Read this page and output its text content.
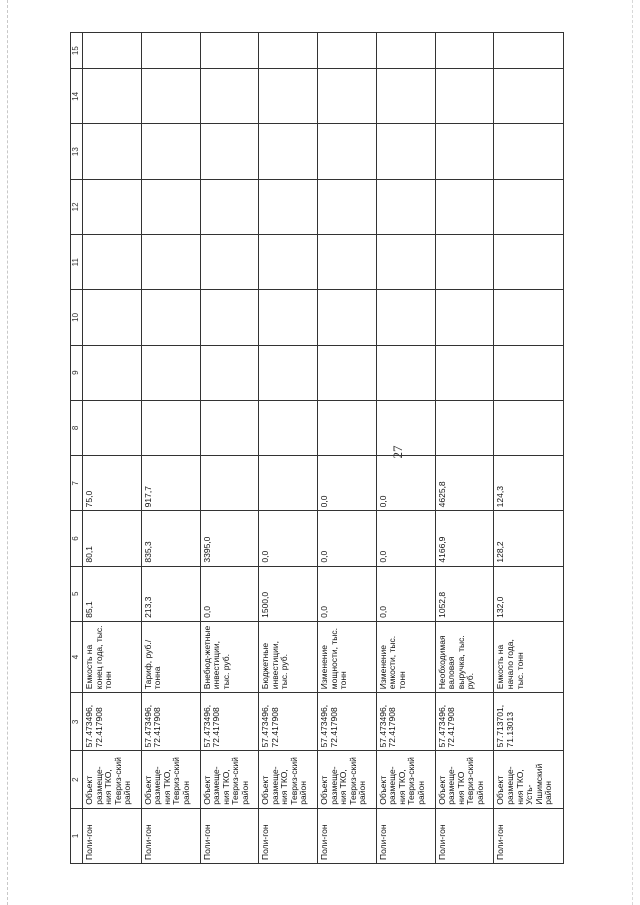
27
1	2	3	4	5	6	7	8	9	10	11	12	13	14	15
Поли-гон	Объект размеще-ния ТКО, Тевриз-ский район	57.473496, 72.417908	Емкость на конец года, тыс. тонн	85,1	80,1	75,0								
Поли-гон	Объект размеще-ния ТКО, Тевриз-ский район	57.473496, 72.417908	Тариф, руб./тонна	213,3	835,3	917,7								
Поли-гон	Объект размеще-ния ТКО, Тевриз-ский район	57.473496, 72.417908	Внебюд-жетные инвестиции, тыс. руб.	0,0	3395,0									
Поли-гон	Объект размеще-ния ТКО, Тевриз-ский район	57.473496, 72.417908	Бюджетные инвестиции, тыс. руб.	1500,0	0,0									
Поли-гон	Объект размеще-ния ТКО, Тевриз-ский район	57.473496, 72.417908	Изменение мощности, тыс. тонн	0,0	0,0	0,0								
Поли-гон	Объект размеще-ния ТКО, Тевриз-ский район	57.473496, 72.417908	Изменение емкости, тыс. тонн	0,0	0,0	0,0								
Поли-гон	Объект размеще-ния ТКО Тевриз-ский район	57.473496, 72.417908	Необходимая валовая выручка, тыс. руб.	1052,8	4166,9	4625,8								
Поли-гон	Объект размеще-ния ТКО, Усть-Ишимский район	57.713701, 71.13013	Емкость на начало года, тыс. тонн	132,0	128,2	124,3								
